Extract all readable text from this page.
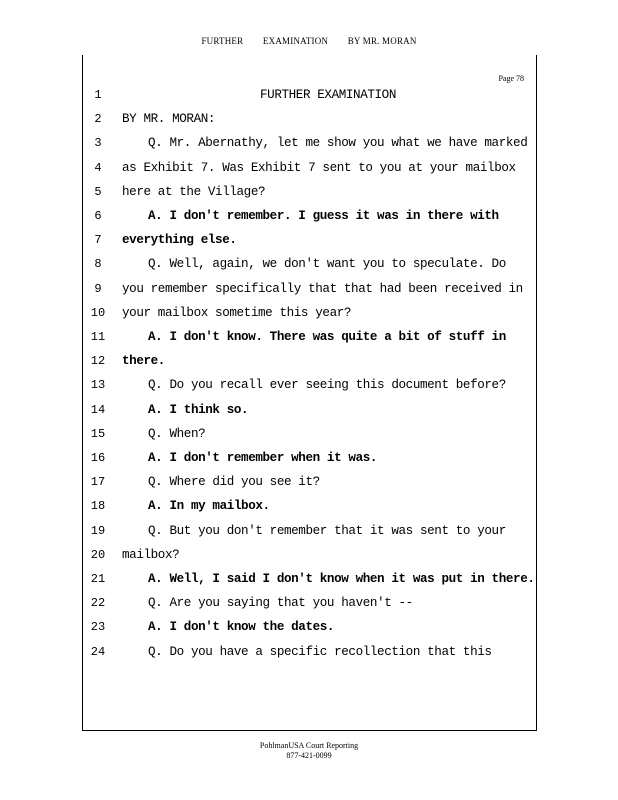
FURTHER EXAMINATION BY MR. MORAN
Page 78
1	FURTHER EXAMINATION
2	BY MR. MORAN:
3	Q. Mr. Abernathy, let me show you what we have marked
4	as Exhibit 7. Was Exhibit 7 sent to you at your mailbox
5	here at the Village?
6	A. I don't remember. I guess it was in there with
7	everything else.
8	Q. Well, again, we don't want you to speculate. Do
9	you remember specifically that that had been received in
10 your mailbox sometime this year?
11	A. I don't know. There was quite a bit of stuff in
12 there.
13	Q. Do you recall ever seeing this document before?
14	A. I think so.
15	Q. When?
16	A. I don't remember when it was.
17	Q. Where did you see it?
18	A. In my mailbox.
19	Q. But you don't remember that it was sent to your
20 mailbox?
21	A. Well, I said I don't know when it was put in there.
22	Q. Are you saying that you haven't --
23	A. I don't know the dates.
24	Q. Do you have a specific recollection that this
PohlmanUSA Court Reporting
877-421-0099
